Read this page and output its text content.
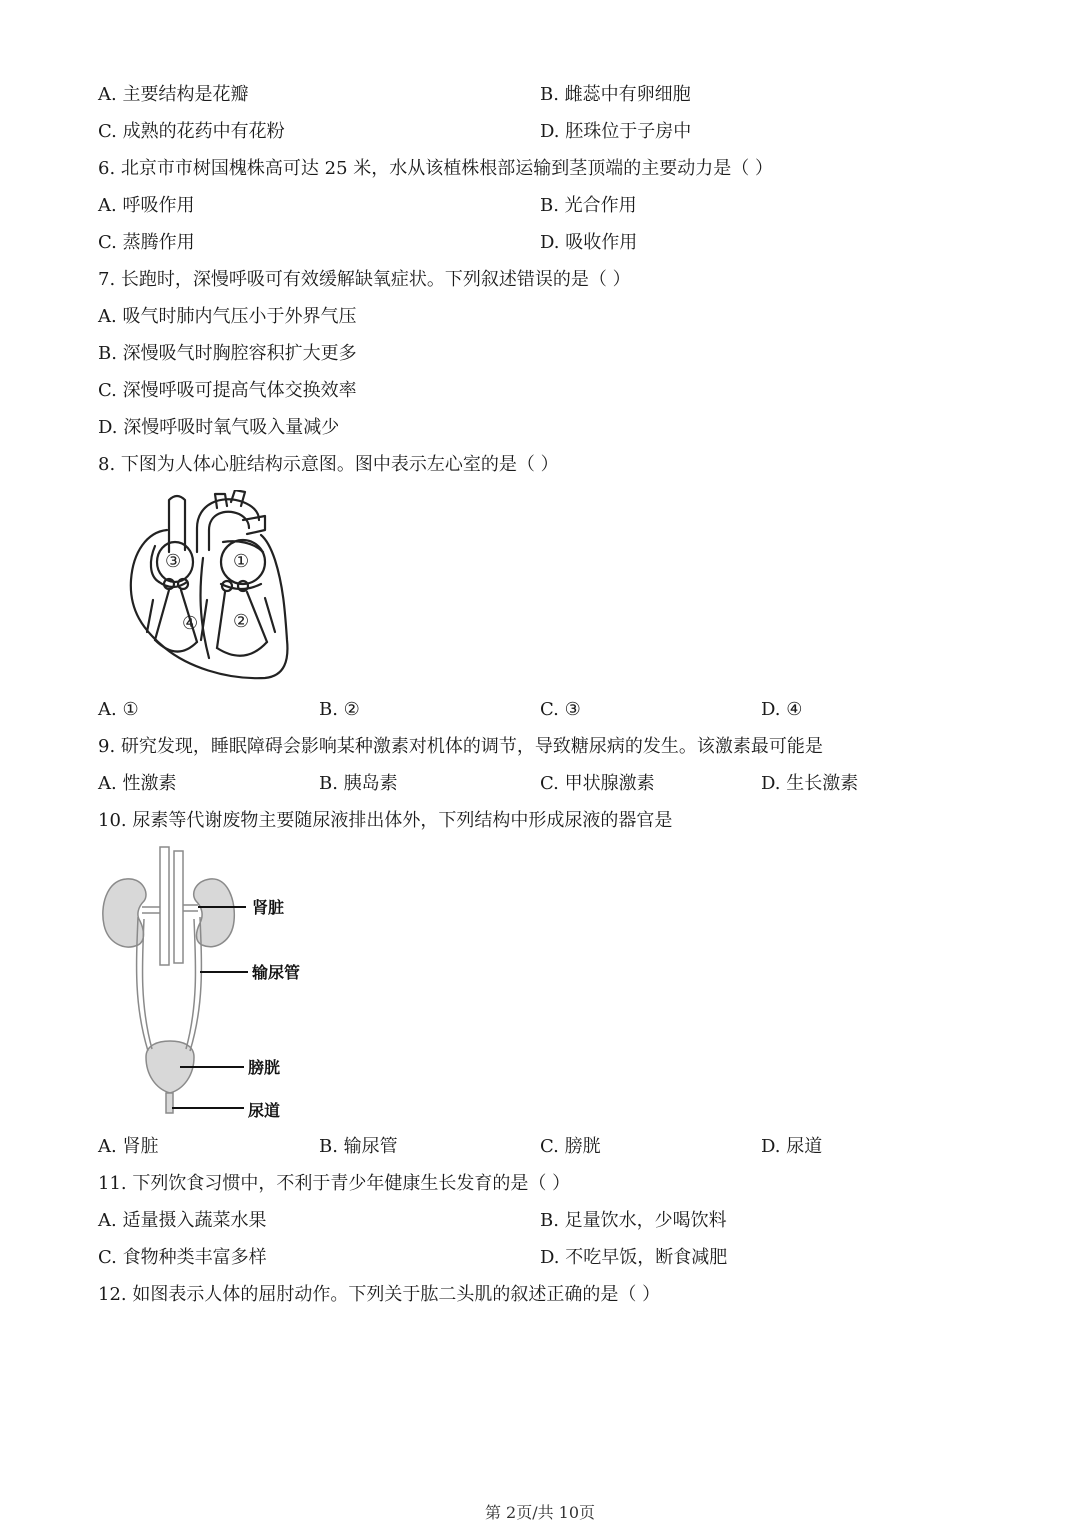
A. 主要结构是花瓣	B. 雌蕊中有卵细胞
C. 成熟的花药中有花粉	D. 胚珠位于子房中
6. 北京市市树国槐株高可达 25 米，水从该植株根部运输到茎顶端的主要动力是（ ）
A. 呼吸作用	B. 光合作用
C. 蒸腾作用	D. 吸收作用
7. 长跑时，深慢呼吸可有效缓解缺氧症状。下列叙述错误的是（ ）
A. 吸气时肺内气压小于外界气压
B. 深慢吸气时胸腔容积扩大更多
C. 深慢呼吸可提高气体交换效率
D. 深慢呼吸时氧气吸入量减少
8. 下图为人体心脏结构示意图。图中表示左心室的是（ ）
③	①
④ ②
A. ①	B. ②	C. ③	D. ④
9. 研究发现，睡眠障碍会影响某种激素对机体的调节，导致糖尿病的发生。该激素最可能是
A. 性激素	B. 胰岛素	C. 甲状腺激素	D. 生长激素
10. 尿素等代谢废物主要随尿液排出体外，下列结构中形成尿液的器官是
肾脏
输尿管
膀胱
尿道
A. 肾脏	B. 输尿管	C. 膀胱	D. 尿道
11. 下列饮食习惯中，不利于青少年健康生长发育的是（ ）
A. 适量摄入蔬菜水果	B. 足量饮水，少喝饮料
C. 食物种类丰富多样	D. 不吃早饭，断食减肥
12. 如图表示人体的屈肘动作。下列关于肱二头肌的叙述正确的是（ ）
第 2页/共 10页
